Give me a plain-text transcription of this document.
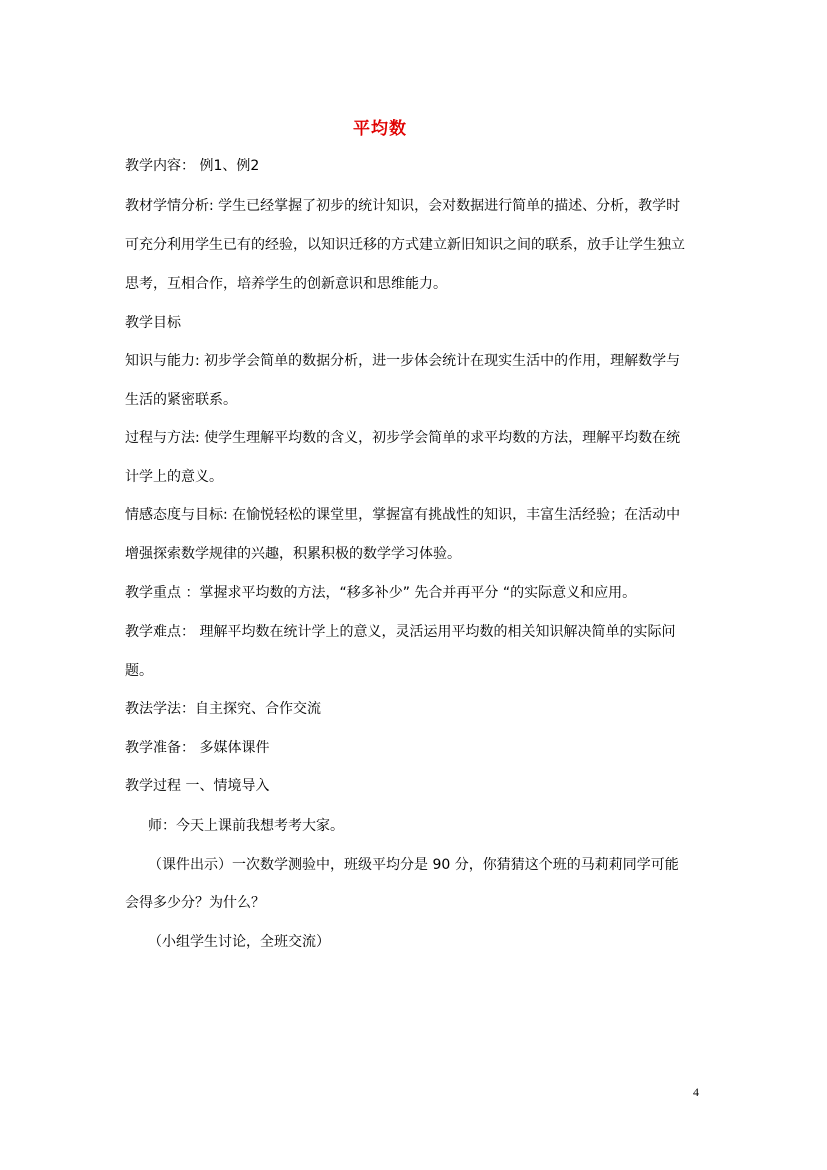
平均数
教学内容： 例1、例2
教材学情分析: 学生已经掌握了初步的统计知识，会对数据进行简单的描述、分析，教学时
可充分利用学生已有的经验，以知识迁移的方式建立新旧知识之间的联系，放手让学生独立
思考，互相合作，培养学生的创新意识和思维能力。
教学目标
知识与能力: 初步学会简单的数据分析，进一步体会统计在现实生活中的作用，理解数学与
生活的紧密联系。
过程与方法: 使学生理解平均数的含义，初步学会简单的求平均数的方法，理解平均数在统
计学上的意义。
情感态度与目标: 在愉悦轻松的课堂里，掌握富有挑战性的知识，丰富生活经验；在活动中
增强探索数学规律的兴趣，积累积极的数学学习体验。
教学重点 ：掌握求平均数的方法，“移多补少” 先合并再平分 “的实际意义和应用。
教学难点： 理解平均数在统计学上的意义，灵活运用平均数的相关知识解决简单的实际问
题。
教法学法：自主探究、合作交流
教学准备： 多媒体课件
教学过程 一、情境导入
师：今天上课前我想考考大家。
（课件出示）一次数学测验中，班级平均分是 90 分，你猜猜这个班的马莉莉同学可能
会得多少分？为什么？
（小组学生讨论，全班交流）
4
